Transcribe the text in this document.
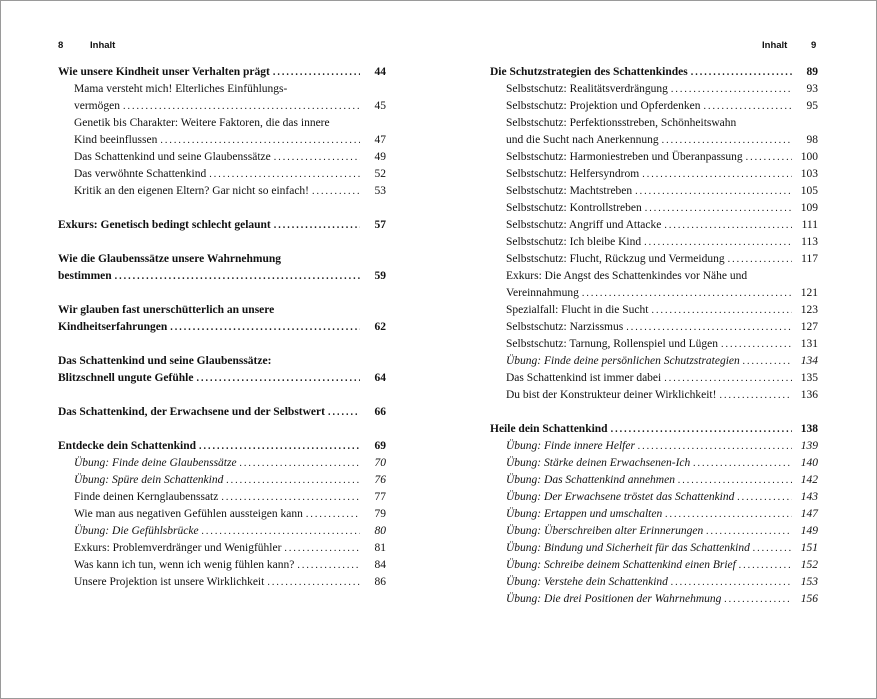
8	Inhalt	Inhalt 9
Wie unsere Kindheit unser Verhalten prägt .....	44
Mama versteht mich! Elterliches Einfühlungs-
vermögen .....	45
Genetik bis Charakter: Weitere Faktoren, die das innere
Kind beeinflussen .....	47
Das Schattenkind und seine Glaubenssätze .....	49
Das verwöhnte Schattenkind .....	52
Kritik an den eigenen Eltern? Gar nicht so einfach! .....	53
Exkurs: Genetisch bedingt schlecht gelaunt .....	57
Wie die Glaubenssätze unsere Wahrnehmung
bestimmen .....	59
Wir glauben fast unerschütterlich an unsere
Kindheitserfahrungen .....	62
Das Schattenkind und seine Glaubenssätze:
Blitzschnell ungute Gefühle .....	64
Das Schattenkind, der Erwachsene und der Selbstwert .....	66
Entdecke dein Schattenkind .....	69
Übung: Finde deine Glaubenssätze .....	70
Übung: Spüre dein Schattenkind .....	76
Finde deinen Kernglaubenssatz .....	77
Wie man aus negativen Gefühlen aussteigen kann .....	79
Übung: Die Gefühlsbrücke .....	80
Exkurs: Problemverdränger und Wenigfühler .....	81
Was kann ich tun, wenn ich wenig fühlen kann? .....	84
Unsere Projektion ist unsere Wirklichkeit .....	86
Die Schutzstrategien des Schattenkindes .....	89
Selbstschutz: Realitätsverdrängung .....	93
Selbstschutz: Projektion und Opferdenken .....	95
Selbstschutz: Perfektionsstreben, Schönheitswahn
und die Sucht nach Anerkennung .....	98
Selbstschutz: Harmoniestreben und Überanpassung .....	100
Selbstschutz: Helfersyndrom .....	103
Selbstschutz: Machtstreben .....	105
Selbstschutz: Kontrollstreben .....	109
Selbstschutz: Angriff und Attacke .....	111
Selbstschutz: Ich bleibe Kind .....	113
Selbstschutz: Flucht, Rückzug und Vermeidung .....	117
Exkurs: Die Angst des Schattenkindes vor Nähe und
Vereinnahmung .....	121
Spezialfall: Flucht in die Sucht .....	123
Selbstschutz: Narzissmus .....	127
Selbstschutz: Tarnung, Rollenspiel und Lügen .....	131
Übung: Finde deine persönlichen Schutzstrategien .....	134
Das Schattenkind ist immer dabei .....	135
Du bist der Konstrukteur deiner Wirklichkeit! .....	136
Heile dein Schattenkind .....	138
Übung: Finde innere Helfer .....	139
Übung: Stärke deinen Erwachsenen-Ich .....	140
Übung: Das Schattenkind annehmen .....	142
Übung: Der Erwachsene tröstet das Schattenkind .....	143
Übung: Ertappen und umschalten .....	147
Übung: Überschreiben alter Erinnerungen .....	149
Übung: Bindung und Sicherheit für das Schattenkind .....	151
Übung: Schreibe deinem Schattenkind einen Brief .....	152
Übung: Verstehe dein Schattenkind .....	153
Übung: Die drei Positionen der Wahrnehmung .....	156
